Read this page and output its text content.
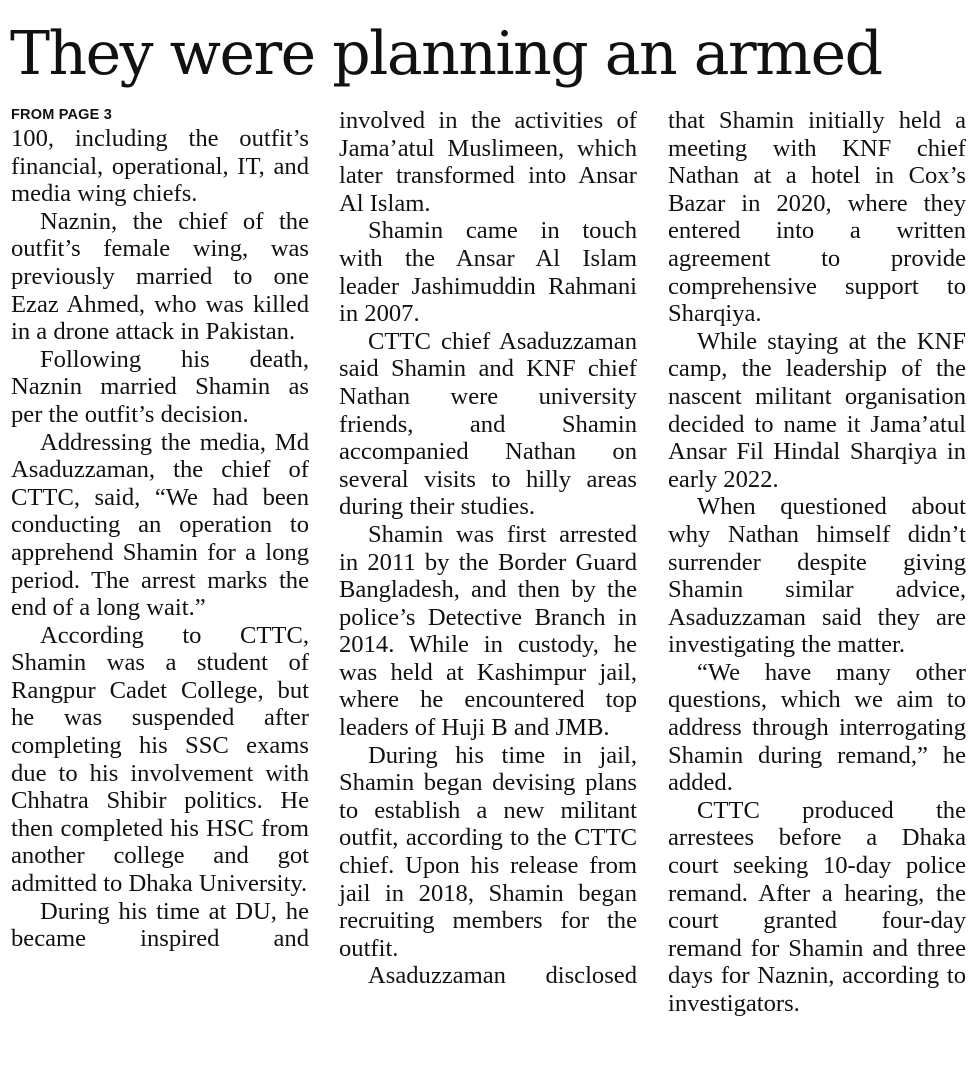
They were planning an armed
FROM PAGE 3

100, including the outfit’s financial, operational, IT, and media wing chiefs.

Naznin, the chief of the outfit’s female wing, was previously married to one Ezaz Ahmed, who was killed in a drone attack in Pakistan.

Following his death, Naznin married Shamin as per the outfit’s decision.

Addressing the media, Md Asaduzzaman, the chief of CTTC, said, “We had been conducting an operation to apprehend Shamin for a long period. The arrest marks the end of a long wait.”

According to CTTC, Shamin was a student of Rangpur Cadet College, but he was suspended after completing his SSC exams due to his involvement with Chhatra Shibir politics. He then completed his HSC from another college and got admitted to Dhaka University.

During his time at DU, he became inspired and

involved in the activities of Jama’atul Muslimeen, which later transformed into Ansar Al Islam.

Shamin came in touch with the Ansar Al Islam leader Jashimuddin Rahmani in 2007.

CTTC chief Asaduzzaman said Shamin and KNF chief Nathan were university friends, and Shamin accompanied Nathan on several visits to hilly areas during their studies.

Shamin was first arrested in 2011 by the Border Guard Bangladesh, and then by the police’s Detective Branch in 2014. While in custody, he was held at Kashimpur jail, where he encountered top leaders of Huji B and JMB.

During his time in jail, Shamin began devising plans to establish a new militant outfit, according to the CTTC chief. Upon his release from jail in 2018, Shamin began recruiting members for the outfit.

Asaduzzaman disclosed

that Shamin initially held a meeting with KNF chief Nathan at a hotel in Cox’s Bazar in 2020, where they entered into a written agreement to provide comprehensive support to Sharqiya.

While staying at the KNF camp, the leadership of the nascent militant organisation decided to name it Jama’atul Ansar Fil Hindal Sharqiya in early 2022.

When questioned about why Nathan himself didn’t surrender despite giving Shamin similar advice, Asaduzzaman said they are investigating the matter.

“We have many other questions, which we aim to address through interrogating Shamin during remand,” he added.

CTTC produced the arrestees before a Dhaka court seeking 10-day police remand. After a hearing, the court granted four-day remand for Shamin and three days for Naznin, according to investigators.
